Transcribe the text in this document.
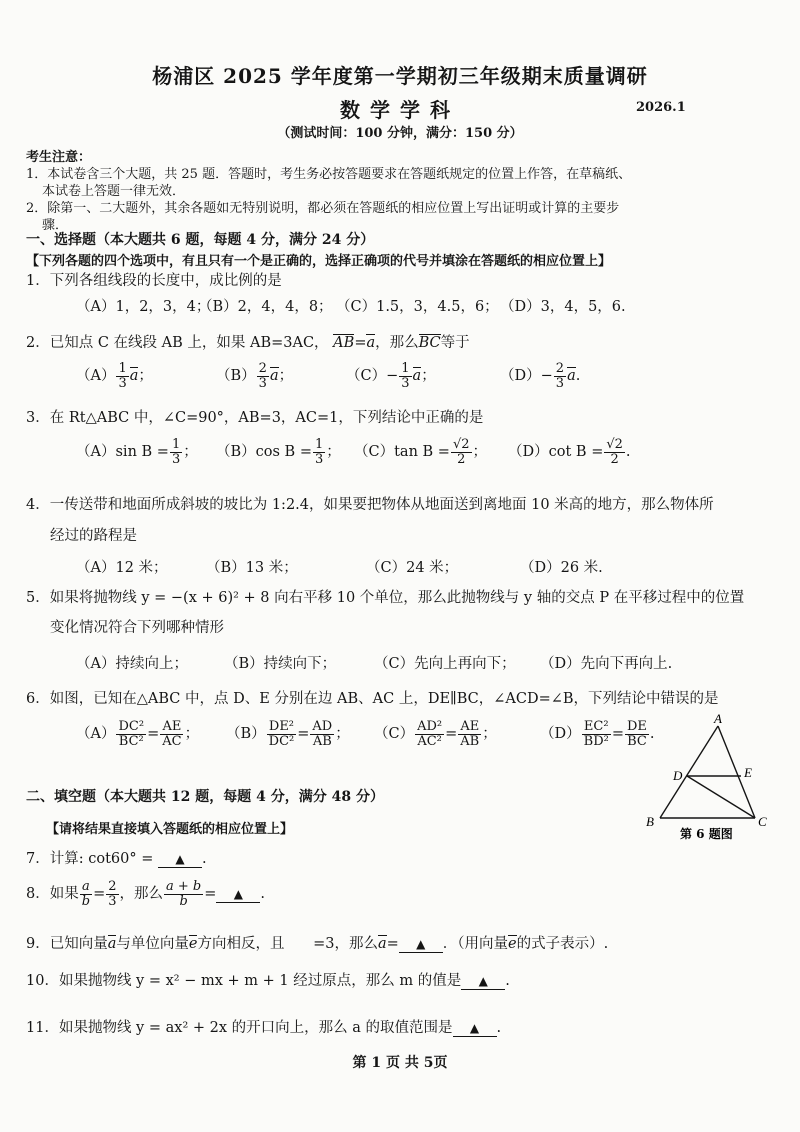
杨浦区 2025 学年度第一学期初三年级期末质量调研
数学学科	2026.1
（测试时间：100 分钟，满分：150 分）
考生注意：
1．本试卷含三个大题，共 25 题．答题时，考生务必按答题要求在答题纸规定的位置上作答，在草稿纸、
本试卷上答题一律无效．
2．除第一、二大题外，其余各题如无特别说明，都必须在答题纸的相应位置上写出证明或计算的主要步
骤．
一、选择题（本大题共 6 题，每题 4 分，满分 24 分）
【下列各题的四个选项中，有且只有一个是正确的，选择正确项的代号并填涂在答题纸的相应位置上】
1．下列各组线段的长度中，成比例的是
（A）1，2，3，4；
（B）2，4，4，8； （C）1.5，3，4.5，6； （D）3，4，5，6.
2．已知点 C 在线段 AB 上，如果 AB=3AC， AB=a，那么BC等于
$(A) \frac{1}{3}$ a；	$(B) \frac{2}{3}$ a；	$(C)- \frac{1}{3}$ a；	$(D)- \frac{2}{3} a$.
3．在 Rt△ABC 中，∠C=90°，AB=3，AC=1，下列结论中正确的是
（A）sin $B = \frac{1}{3}$ ； （B）cos $B = \frac{1}{3}$ ； （C）tan $B = \frac{√2}{2}$ ； （D）cot $B = \frac{√2}{2}$ .
4．一传送带和地面所成斜坡的坡比为 1:2.4，如果要把物体从地面送到离地面 10 米高的地方，那么物体所
经过的路程是
（A）12 米；	（B）13 米；	（C）24 米；	（D）26 米.
5．如果将抛物线 y = −(x + 6)² + 8 向右平移 10 个单位，那么此抛物线与 y 轴的交点 P 在平移过程中的位置
变化情况符合下列哪种情形
（A）持续向上； （B）持续向下；	（C）先向上再向下； （D）先向下再向上.
6．如图，已知在△ABC 中，点 D、E 分别在边 AB、AC 上，DE∥BC，∠ACD=∠B，下列结论中错误的是
$(A) \frac{\text{DC²}}{\text{BC²}} = \frac{AE}{AC}$ ； $(B) \frac{\text{DE²}}{\text{DC²}} = \frac{AD}{AB}$ ； $(C) \frac{\text{AD²}}{\text{AC²}} = \frac{AE}{AB}$ ；	$(D) \frac{\text{EC²}}{\text{BD²}} = \frac{DE}{BC}$ .
A
B	C
D	E
第 6 题图
二、填空题（本大题共 12 题，每题 4 分，满分 48 分）
【请将结果直接填入答题纸的相应位置上】
7．计算: cot60° = ▲ .
8．如果 $\frac{a}{b} = \frac{2}{3}$ ，那么 $\frac{a + b}{b}$ = ▲ .
9．已知向量a与单位向量e方向相反，且 =3，那么a= ▲ ．（用向量e的式子表示）.
10．如果抛物线 y = x² − mx + m + 1 经过原点，那么 m 的值是 ▲ .
11．如果抛物线 y = ax² + 2x 的开口向上，那么 a 的取值范围是 ▲ .
第 1 页 共 5页
